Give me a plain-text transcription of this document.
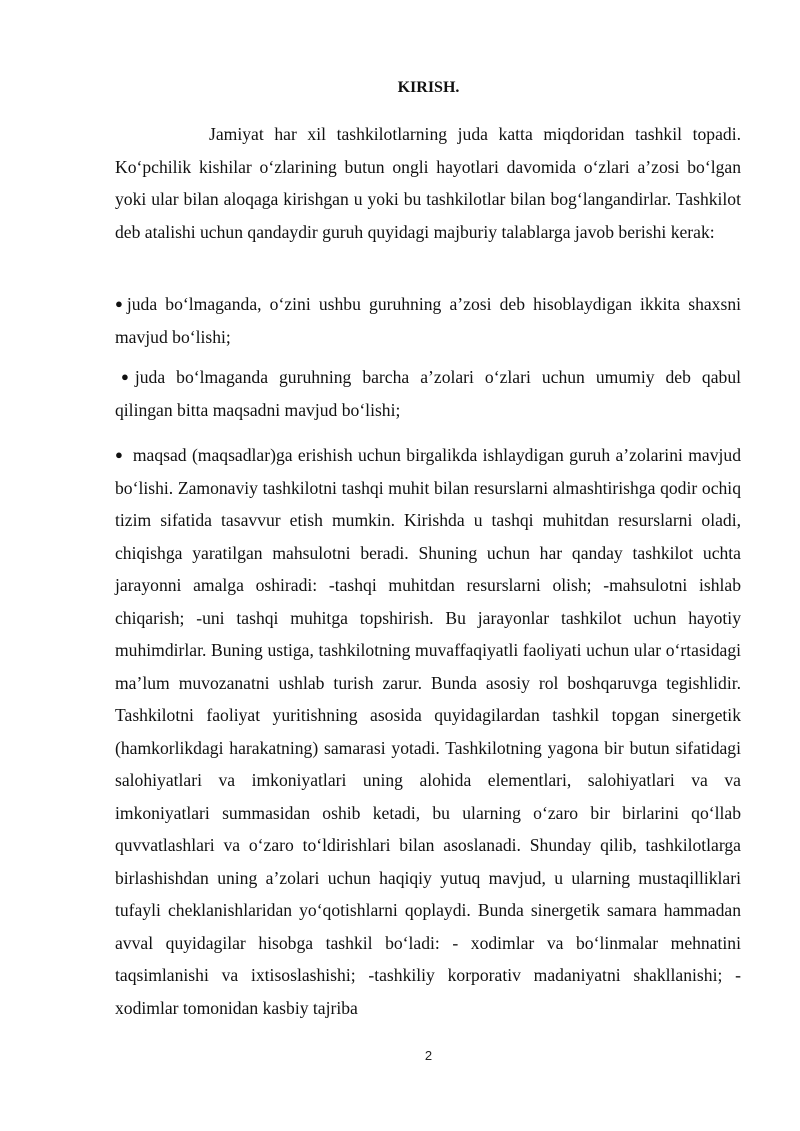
KIRISH.

Jamiyat har xil tashkilotlarning juda katta miqdoridan tashkil topadi. Ko‘pchilik kishilar o‘zlarining butun ongli hayotlari davomida o‘zlari a’zosi bo‘lgan yoki ular bilan aloqaga kirishgan u yoki bu tashkilotlar bilan bog‘langandirlar. Tashkilot deb atalishi uchun qandaydir guruh quyidagi majburiy talablarga javob berishi kerak:

● juda bo‘lmaganda, o‘zini ushbu guruhning a’zosi deb hisoblaydigan ikkita shaxsni mavjud bo‘lishi;

● juda bo‘lmaganda guruhning barcha a’zolari o‘zlari uchun umumiy deb qabul qilingan bitta maqsadni mavjud bo‘lishi;

● maqsad (maqsadlar)ga erishish uchun birgalikda ishlaydigan guruh a’zolarini mavjud bo‘lishi. Zamonaviy tashkilotni tashqi muhit bilan resurslarni almashtirishga qodir ochiq tizim sifatida tasavvur etish mumkin. Kirishda u tashqi muhitdan resurslarni oladi, chiqishga yaratilgan mahsulotni beradi. Shuning uchun har qanday tashkilot uchta jarayonni amalga oshiradi: -tashqi muhitdan resurslarni olish; -mahsulotni ishlab chiqarish; -uni tashqi muhitga topshirish. Bu jarayonlar tashkilot uchun hayotiy muhimdirlar. Buning ustiga, tashkilotning muvaffaqiyatli faoliyati uchun ular o‘rtasidagi ma’lum muvozanatni ushlab turish zarur. Bunda asosiy rol boshqaruvga tegishlidir. Tashkilotni faoliyat yuritishning asosida quyidagilardan tashkil topgan sinergetik (hamkorlikdagi harakatning) samarasi yotadi. Tashkilotning yagona bir butun sifatidagi salohiyatlari va imkoniyatlari uning alohida elementlari, salohiyatlari va va imkoniyatlari summasidan oshib ketadi, bu ularning o‘zaro bir birlarini qo‘llab quvvatlashlari va o‘zaro to‘ldirishlari bilan asoslanadi. Shunday qilib, tashkilotlarga birlashishdan uning a’zolari uchun haqiqiy yutuq mavjud, u ularning mustaqilliklari tufayli cheklanishlaridan yo‘qotishlarni qoplaydi. Bunda sinergetik samara hammadan avval quyidagilar hisobga tashkil bo‘ladi: - xodimlar va bo‘linmalar mehnatini taqsimlanishi va ixtisoslashishi; -tashkiliy korporativ madaniyatni shakllanishi; - xodimlar tomonidan kasbiy tajriba

2
